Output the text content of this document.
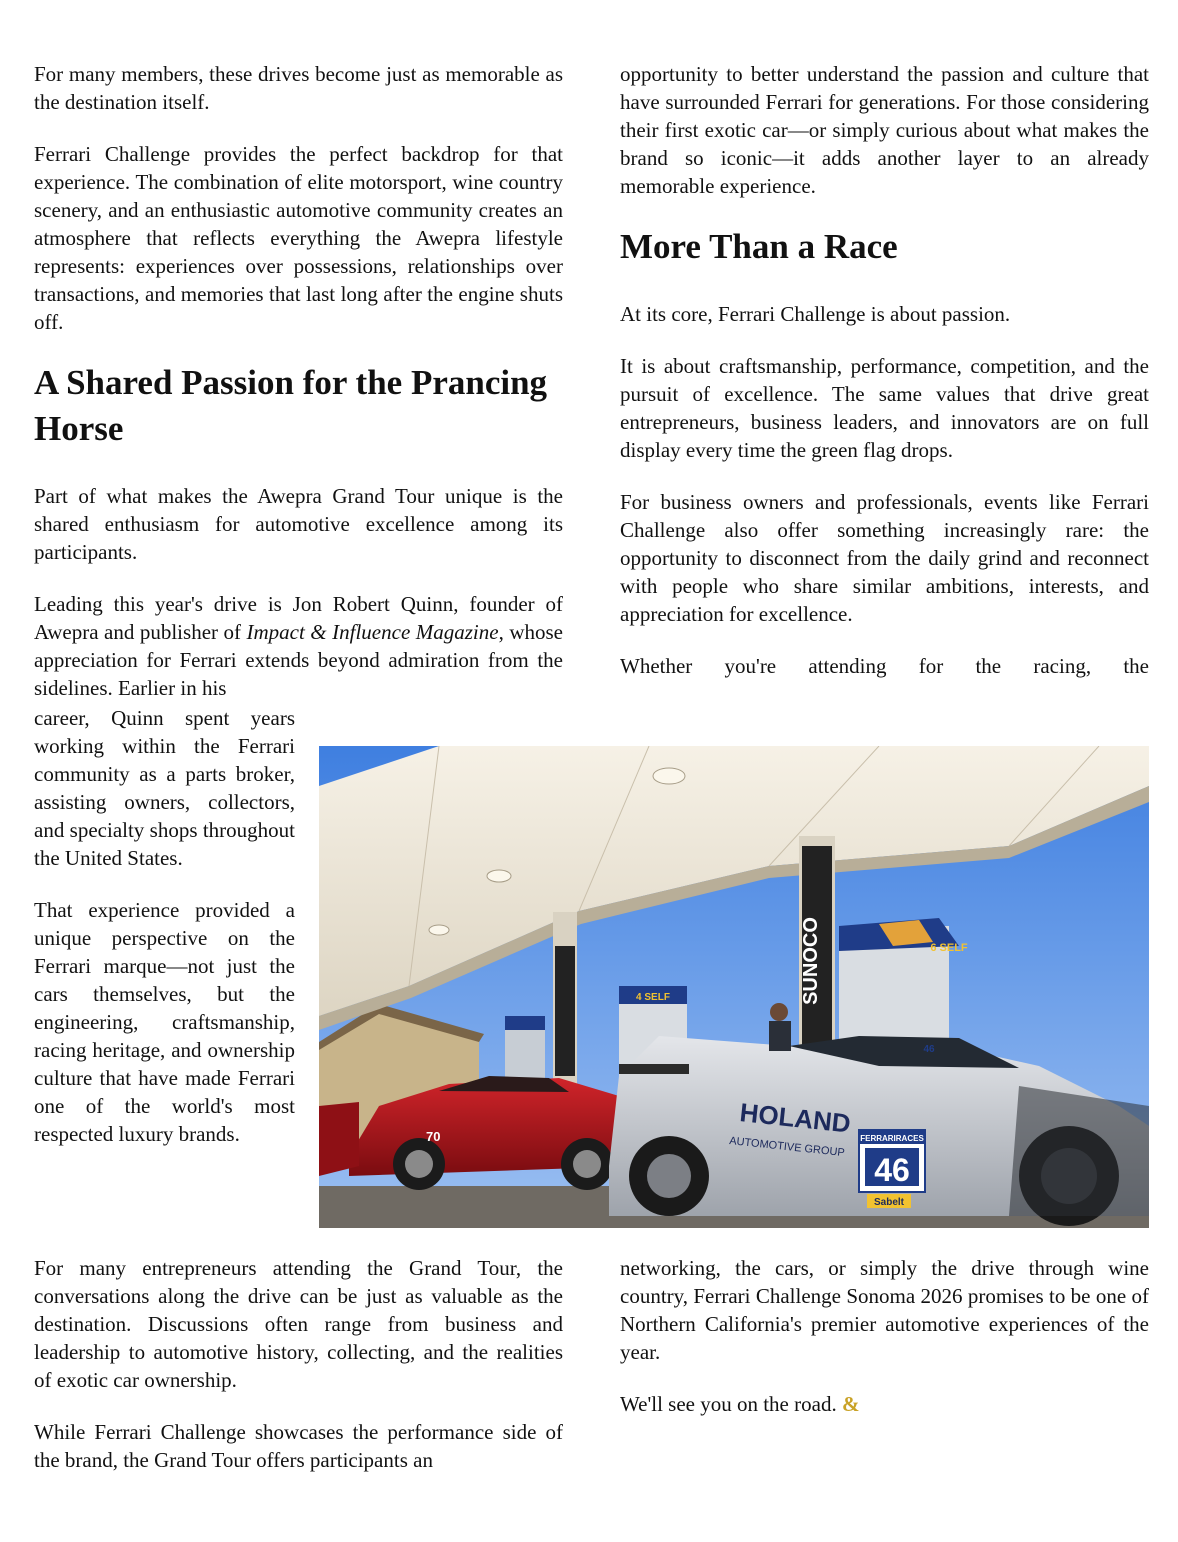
For many members, these drives become just as memorable as the destination itself.

Ferrari Challenge provides the perfect backdrop for that experience. The combination of elite motorsport, wine country scenery, and an enthusiastic automotive community creates an atmosphere that reflects everything the Awepra lifestyle represents: experiences over possessions, relationships over transactions, and memories that last long after the engine shuts off.

A Shared Passion for the Prancing Horse

Part of what makes the Awepra Grand Tour unique is the shared enthusiasm for automotive excellence among its participants.

Leading this year's drive is Jon Robert Quinn, founder of Awepra and publisher of Impact & Influence Magazine, whose appreciation for Ferrari extends beyond admiration from the sidelines. Earlier in his

career, Quinn spent years working within the Ferrari community as a parts broker, assisting owners, collectors, and specialty shops throughout the United States.

That experience provided a unique perspective on the Ferrari marque—not just the cars themselves, but the engineering, craftsmanship, racing heritage, and ownership culture that have made Ferrari one of the world's most respected luxury brands.

For many entrepreneurs attending the Grand Tour, the conversations along the drive can be just as valuable as the destination. Discussions often range from business and leadership to automotive history, collecting, and the realities of exotic car ownership.

While Ferrari Challenge showcases the performance side of the brand, the Grand Tour offers participants an

opportunity to better understand the passion and culture that have surrounded Ferrari for generations. For those considering their first exotic car—or simply curious about what makes the brand so iconic—it adds another layer to an already memorable experience.

More Than a Race

At its core, Ferrari Challenge is about passion.

It is about craftsmanship, performance, competition, and the pursuit of excellence. The same values that drive great entrepreneurs, business leaders, and innovators are on full display every time the green flag drops.

For business owners and professionals, events like Ferrari Challenge also offer something increasingly rare: the opportunity to disconnect from the daily grind and reconnect with people who share similar ambitions, interests, and appreciation for excellence.

Whether you're attending for the racing, the

networking, the cars, or simply the drive through wine country, Ferrari Challenge Sonoma 2026 promises to be one of Northern California's premier automotive experiences of the year.

We'll see you on the road. &

SUNOCO
4 SELF
6 SELF
70	HOLAND
AUTOMOTIVE GROUP FERRARIRACES
46
46
Sabelt
